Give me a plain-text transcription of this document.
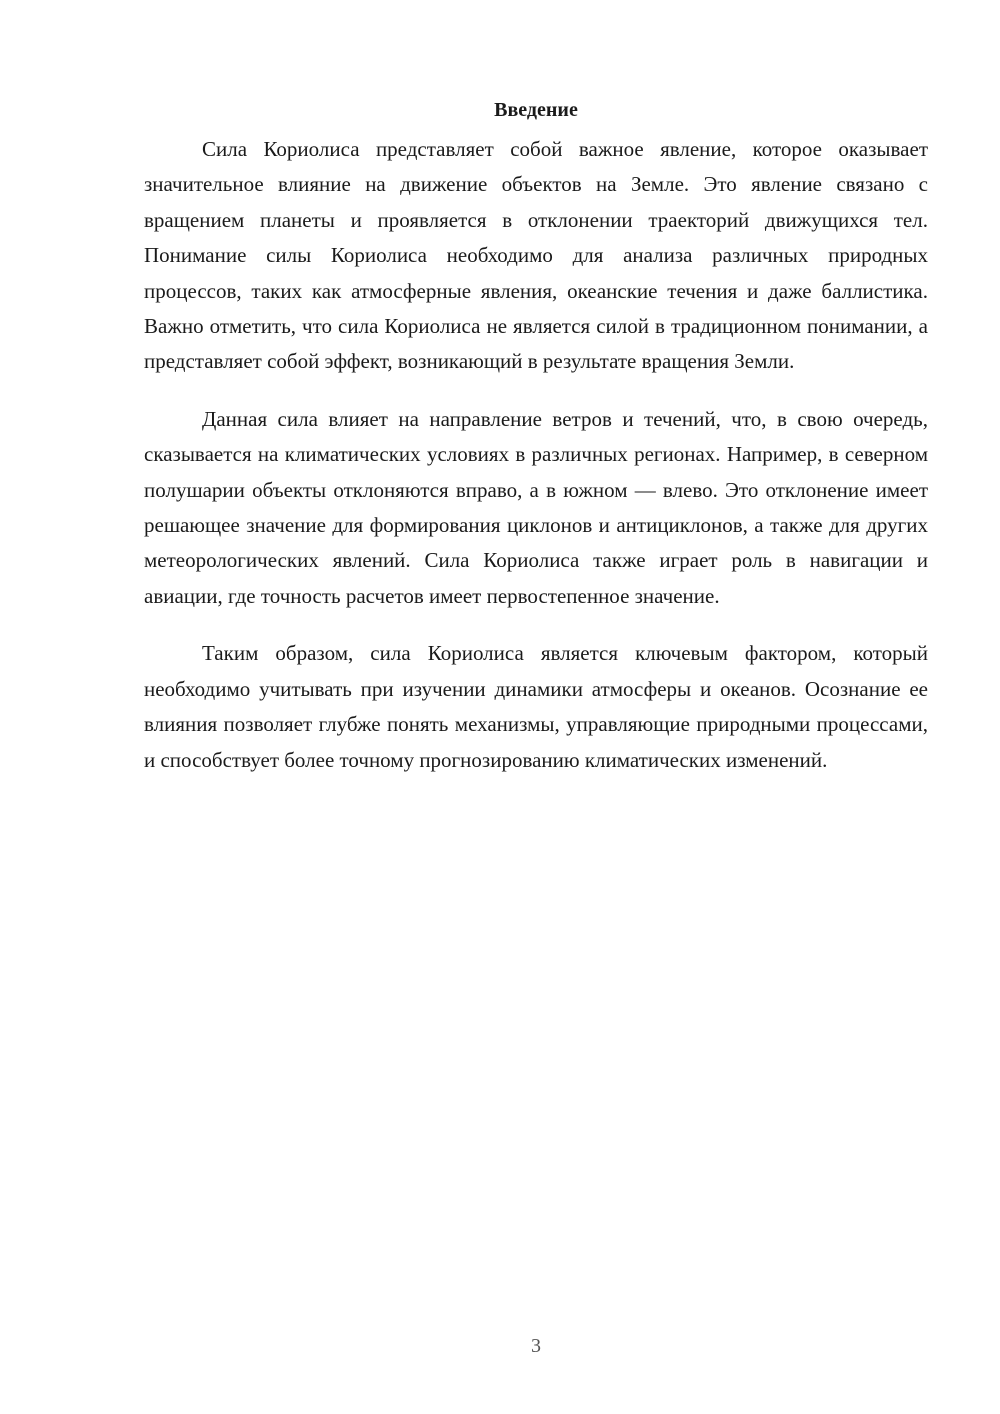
Введение

Сила Кориолиса представляет собой важное явление, которое оказывает значительное влияние на движение объектов на Земле. Это явление связано с вращением планеты и проявляется в отклонении траекторий движущихся тел. Понимание силы Кориолиса необходимо для анализа различных природных процессов, таких как атмосферные явления, океанские течения и даже баллистика. Важно отметить, что сила Кориолиса не является силой в традиционном понимании, а представляет собой эффект, возникающий в результате вращения Земли.

Данная сила влияет на направление ветров и течений, что, в свою очередь, сказывается на климатических условиях в различных регионах. Например, в северном полушарии объекты отклоняются вправо, а в южном — влево. Это отклонение имеет решающее значение для формирования циклонов и антициклонов, а также для других метеорологических явлений. Сила Кориолиса также играет роль в навигации и авиации, где точность расчетов имеет первостепенное значение.

Таким образом, сила Кориолиса является ключевым фактором, который необходимо учитывать при изучении динамики атмосферы и океанов. Осознание ее влияния позволяет глубже понять механизмы, управляющие природными процессами, и способствует более точному прогнозированию климатических изменений.

3
